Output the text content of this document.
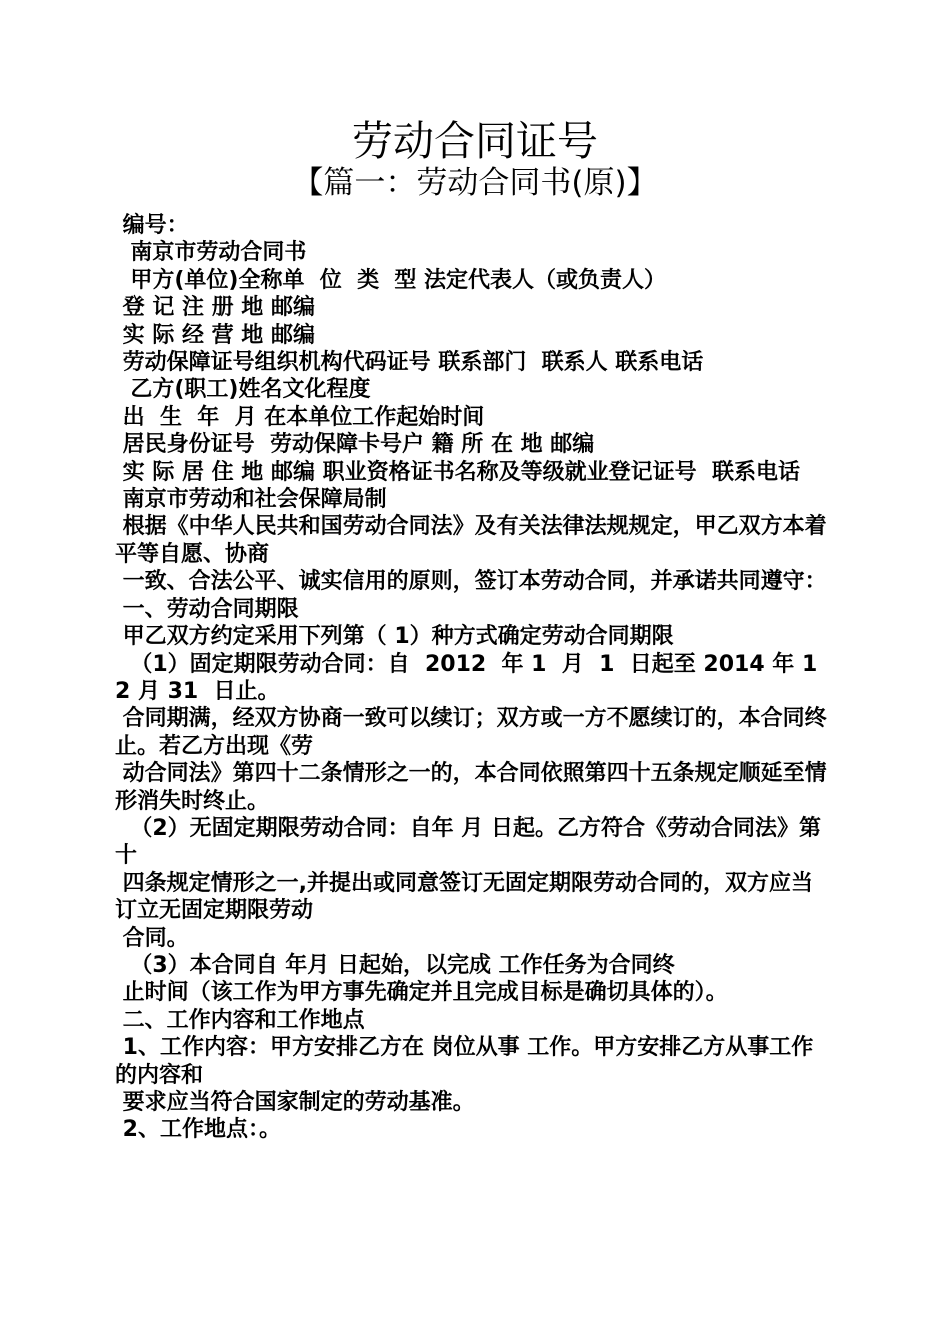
劳动合同证号
【篇一：劳动合同书(原)】

编号：

南京市劳动合同书

甲方(单位)全称单  位  类  型 法定代表人（或负责人）

登 记 注 册 地 邮编

实 际 经 营 地 邮编

劳动保障证号组织机构代码证号 联系部门  联系人 联系电话

乙方(职工)姓名文化程度

出  生  年  月 在本单位工作起始时间

居民身份证号  劳动保障卡号户 籍 所 在 地 邮编

实 际 居 住 地 邮编 职业资格证书名称及等级就业登记证号  联系电话

南京市劳动和社会保障局制

根据《中华人民共和国劳动合同法》及有关法律法规规定，甲乙双方本着平等自愿、协商

一致、合法公平、诚实信用的原则，签订本劳动合同，并承诺共同遵守：

一、劳动合同期限

甲乙双方约定采用下列第（ 1）种方式确定劳动合同期限

（1）固定期限劳动合同：自  2012  年 1  月  1  日起至 2014 年 12 月 31  日止。

合同期满，经双方协商一致可以续订；双方或一方不愿续订的，本合同终止。若乙方出现《劳

动合同法》第四十二条情形之一的，本合同依照第四十五条规定顺延至情形消失时终止。

（2）无固定期限劳动合同：自年 月 日起。乙方符合《劳动合同法》第十

四条规定情形之一,并提出或同意签订无固定期限劳动合同的，双方应当订立无固定期限劳动

合同。

（3）本合同自 年月 日起始，以完成 工作任务为合同终

止时间（该工作为甲方事先确定并且完成目标是确切具体的）。

二、工作内容和工作地点

1、工作内容：甲方安排乙方在 岗位从事 工作。甲方安排乙方从事工作的内容和

要求应当符合国家制定的劳动基准。

2、工作地点：。
